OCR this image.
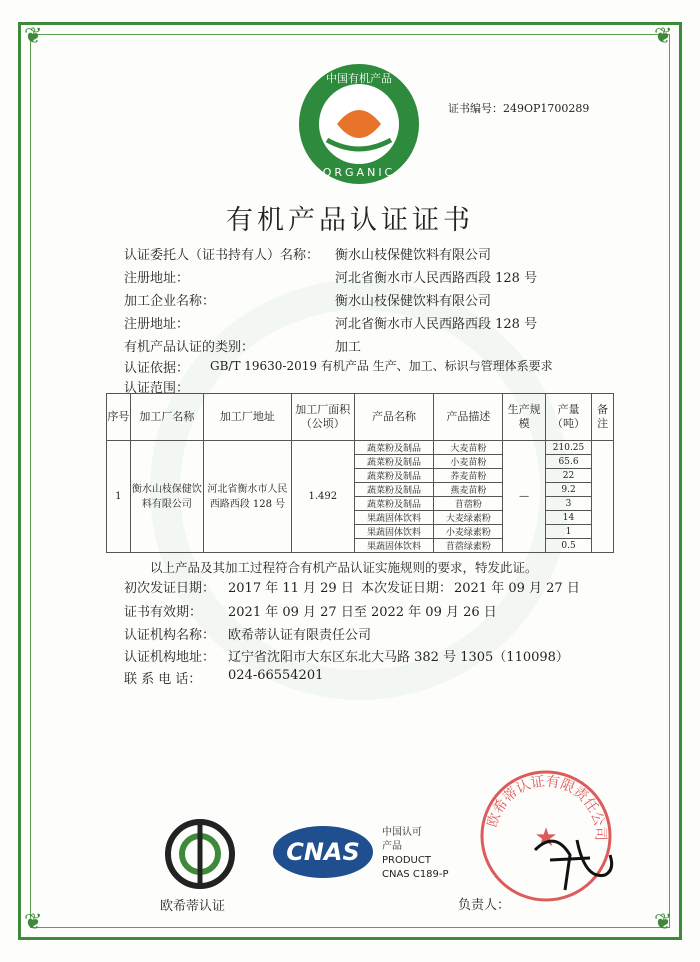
❦	❦
❦	❦
中国有机产品
ORGANIC
证书编号：249OP1700289
有机产品认证证书
认证委托人（证书持有人）名称： 衡水山枝保健饮料有限公司
注册地址：	河北省衡水市人民西路西段 128 号
加工企业名称：	衡水山枝保健饮料有限公司
注册地址：	河北省衡水市人民西路西段 128 号
有机产品认证的类别：	加工
认证依据： GB/T 19630-2019 有机产品 生产、加工、标识与管理体系要求
认证范围：
序号	加工厂名称	加工厂地址	加工厂面积（公顷）	产品名称	产品描述	生产规模	产量（吨）	备注
1	衡水山枝保健饮料有限公司	河北省衡水市人民西路西段 128 号	1.492	蔬菜粉及制品	大麦苗粉	—	210.25	
				蔬菜粉及制品	小麦苗粉		65.6	
				蔬菜粉及制品	荞麦苗粉		22	
				蔬菜粉及制品	燕麦苗粉		9.2	
				蔬菜粉及制品	苜蓿粉		3	
				果蔬固体饮料	大麦绿素粉		14	
				果蔬固体饮料	小麦绿素粉		1	
				果蔬固体饮料	苜蓿绿素粉		0.5	
以上产品及其加工过程符合有机产品认证实施规则的要求，特发此证。
初次发证日期： 2017 年 11 月 29 日 本次发证日期： 2021 年 09 月 27 日
证书有效期： 2021 年 09 月 27 日至 2022 年 09 月 26 日
认证机构名称： 欧希蒂认证有限责任公司
认证机构地址： 辽宁省沈阳市大东区东北大马路 382 号 1305（110098）
联 系 电 话： 024-66554201
欧希蒂认证
CNAS
中国认可
产品
PRODUCT
CNAS C189-P
欧希蒂认证有限责任公司
★
负责人：
